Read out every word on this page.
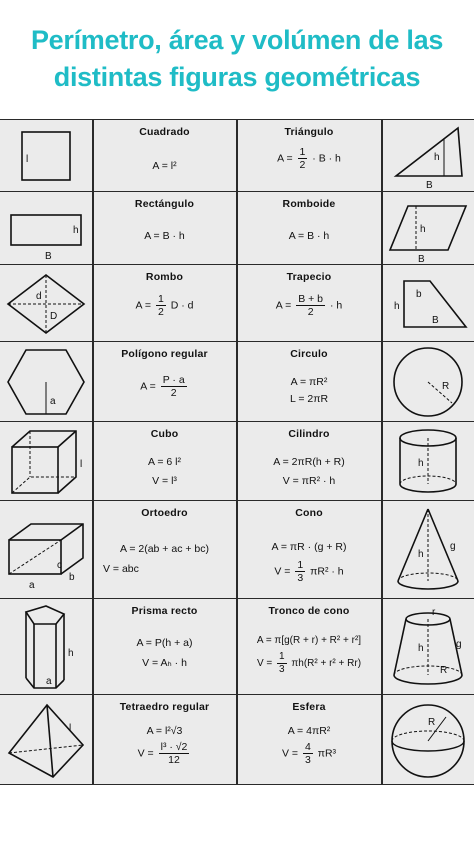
Perímetro, área y volúmen de las
distintas figuras geométricas
l
Cuadrado
A = l²
Triángulo
$A = \frac{1}{2} \cdot B \cdot h$	h
B
h
B
Rectángulo
A = B · h
Romboide
A = B · h
h
B
d
D
Rombo
$A = \frac{1}{2}$ D · d
Trapecio
$A = \frac{B + b}{2} \cdot h$
b
h
B
a
Polígono regular
$A = \frac{P \cdot a}{2}$
Circulo
A = πR²
L = 2πR
R
l
Cubo
A = 6 l²
V = l³
Cilindro
A = 2πR(h + R)
V = πR² · h
h
a
b
c
Ortoedro
A = 2(ab + ac + bc)
V = abc
Cono
A = πR · (g + R)
$V = \frac{1}{3} \pi R^2 \cdot h$
h
g
h
a
Prisma recto
A = P(h + a)
V = Aₕ · h
Tronco de cono
A = π[g(R + r) + R² + r²]
$V = \frac{1}{3} \pi h(R^2 + r^2 + Rr)$
h	g
r
R
l
Tetraedro regular
A = l²√3
$V = \frac{\text{l³ · √2}}{12}$
Esfera
A = 4πR²
$V = \frac{4}{3} \pi R^3$
R
